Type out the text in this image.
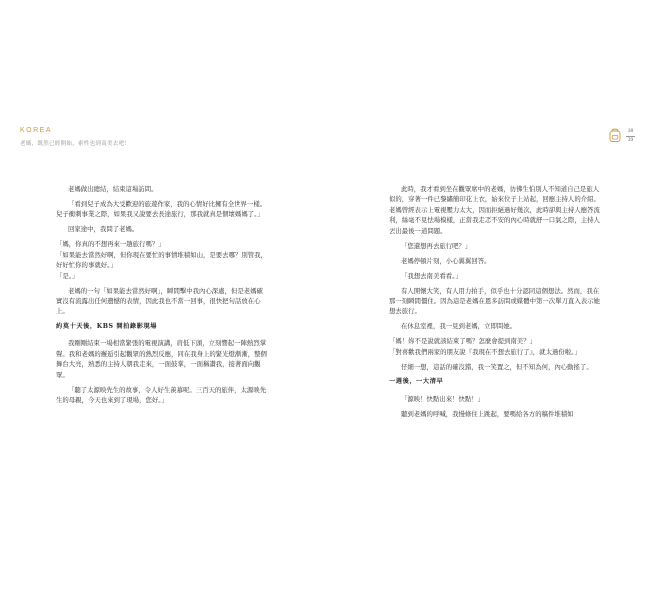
KOREA
老媽，既然已經開始，索性也到南美去吧！
38
39

老媽做出總結，結束這場訪問。

「看到兒子成為大受歡迎的旅遊作家，我的心情好比擁有全世界一樣。兒子衝刺事業之際，如果我又說要去長途旅行，那我就真是個壞媽媽了。」

回家途中，我問了老媽。

「媽，你真的不想再來一趟旅行嗎？」
「如果能去當然好啊，但你現在要忙的事情堆積如山，是要去哪？別管我，好好忙你的事就好。」
「是。」

老媽的一句「如果能去當然好啊」，瞬間擊中我內心深處，但是老媽確實沒有流露出任何遺憾的表情，因此我也不當一回事，很快把句話放在心上。

約莫十天後，KBS 開拍錄影現場

我剛剛結束一場相當緊張的電視演講，肩低下頭，立刻響起一陣熱烈掌聲。我和老媽的邂逅引起觀眾的熱烈反應，同在我身上的緊光燈漸漸，整個舞台大亮，熟悉的主持人朝我走來，一面鼓掌，一面稱讚我，接著面向觀眾。

「聽了太源映先生的故事，令人好生羨慕呢。三百天的旅伴，太源映先生的母親，今天也來到了現場，您好。」

此時，我才看到坐在觀眾席中的老媽，彷彿生怕別人不知道自己是旅人似的，穿著一件已黎繡簡印花上衣，始來位子上站起，回應主持人的介紹。老媽曾經表示上電視壓力太大，因而拒絕過好幾次，此時卻與主持人應答流利，絲毫不見怯場模樣，正當我走忑不安的內心時就舒一口氣之際，主持人丟出最後一道問題。

「您還想再去旅行吧？」

老媽停頓片刻，小心翼翼回答。

「我想去南美看看。」

有人開懷大笑，有人用力拍手，似乎也十分認同這個想法。然而，我在那一刻瞬間僵住。因為這是老媽在恩多訪問或媒體中第一次單刀直入表示她想去旅行。

在休息室裡，我一見到老媽，立即問她。

「媽！妳不是說就該結束了嗎？怎麼會提到南美？」
「對喜歡我們兩家的朋友說『我現在不想去旅行了』，就太過份啦。」

仔細一想，這話的確沒錯，我一笑置之，但不知為何，內心動搖了。

一週後，一大清早

「源映！快點出來！快點！」

聽到老媽的呼喊，我慢條住上跳起，要嗎給各方的稿件堆積如
